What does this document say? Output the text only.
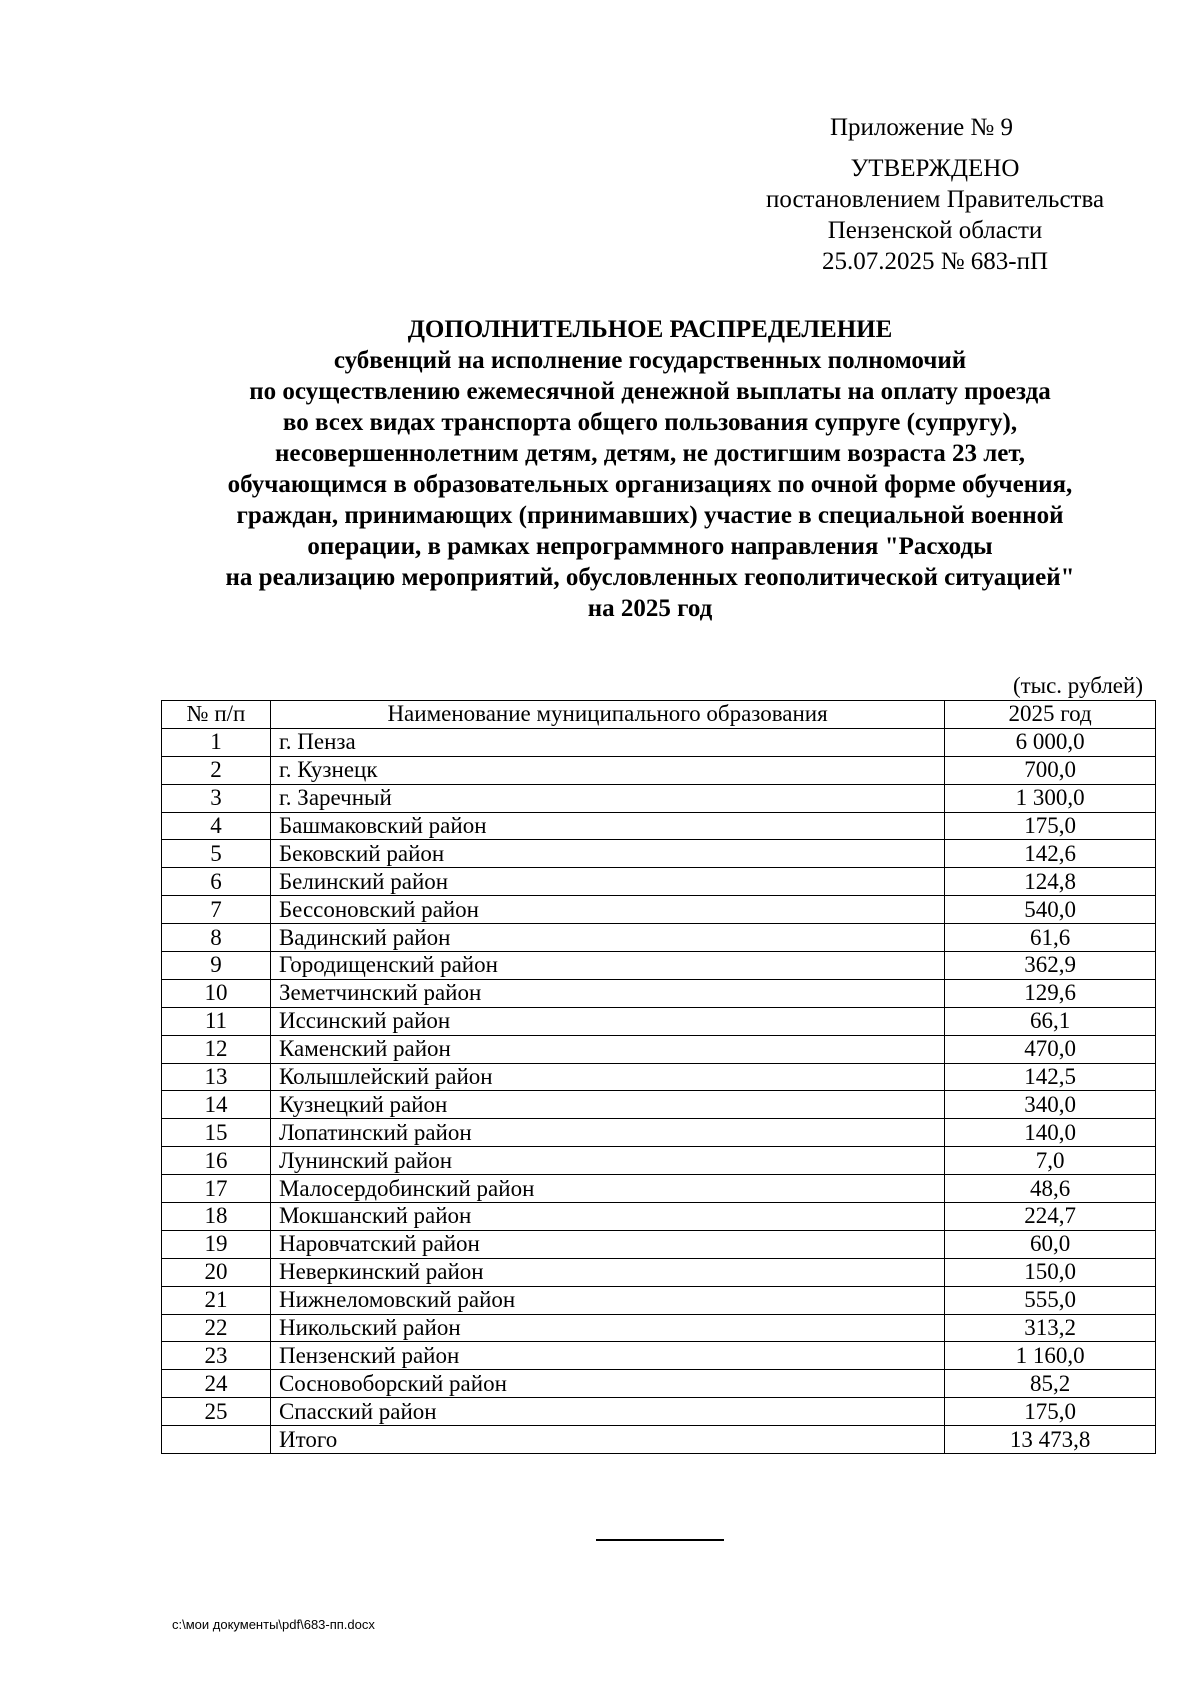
Приложение № 9
УТВЕРЖДЕНО
постановлением Правительства
Пензенской области
25.07.2025 № 683-пП
ДОПОЛНИТЕЛЬНОЕ РАСПРЕДЕЛЕНИЕ
субвенций на исполнение государственных полномочий
по осуществлению ежемесячной денежной выплаты на оплату проезда
во всех видах транспорта общего пользования супруге (супругу),
несовершеннолетним детям, детям, не достигшим возраста 23 лет,
обучающимся в образовательных организациях по очной форме обучения,
граждан, принимающих (принимавших) участие в специальной военной
операции, в рамках непрограммного направления "Расходы
на реализацию мероприятий, обусловленных геополитической ситуацией"
на 2025 год
(тыс. рублей)
№ п/п	Наименование муниципального образования	2025 год
1	г. Пенза	6 000,0
2	г. Кузнецк	700,0
3	г. Заречный	1 300,0
4	Башмаковский район	175,0
5	Бековский район	142,6
6	Белинский район	124,8
7	Бессоновский район	540,0
8	Вадинский район	61,6
9	Городищенский район	362,9
10	Земетчинский район	129,6
11	Иссинский район	66,1
12	Каменский район	470,0
13	Колышлейский район	142,5
14	Кузнецкий район	340,0
15	Лопатинский район	140,0
16	Лунинский район	7,0
17	Малосердобинский район	48,6
18	Мокшанский район	224,7
19	Наровчатский район	60,0
20	Неверкинский район	150,0
21	Нижнеломовский район	555,0
22	Никольский район	313,2
23	Пензенский район	1 160,0
24	Сосновоборский район	85,2
25	Спасский район	175,0
	Итого	13 473,8
c:\мои документы\pdf\683-пп.docx
